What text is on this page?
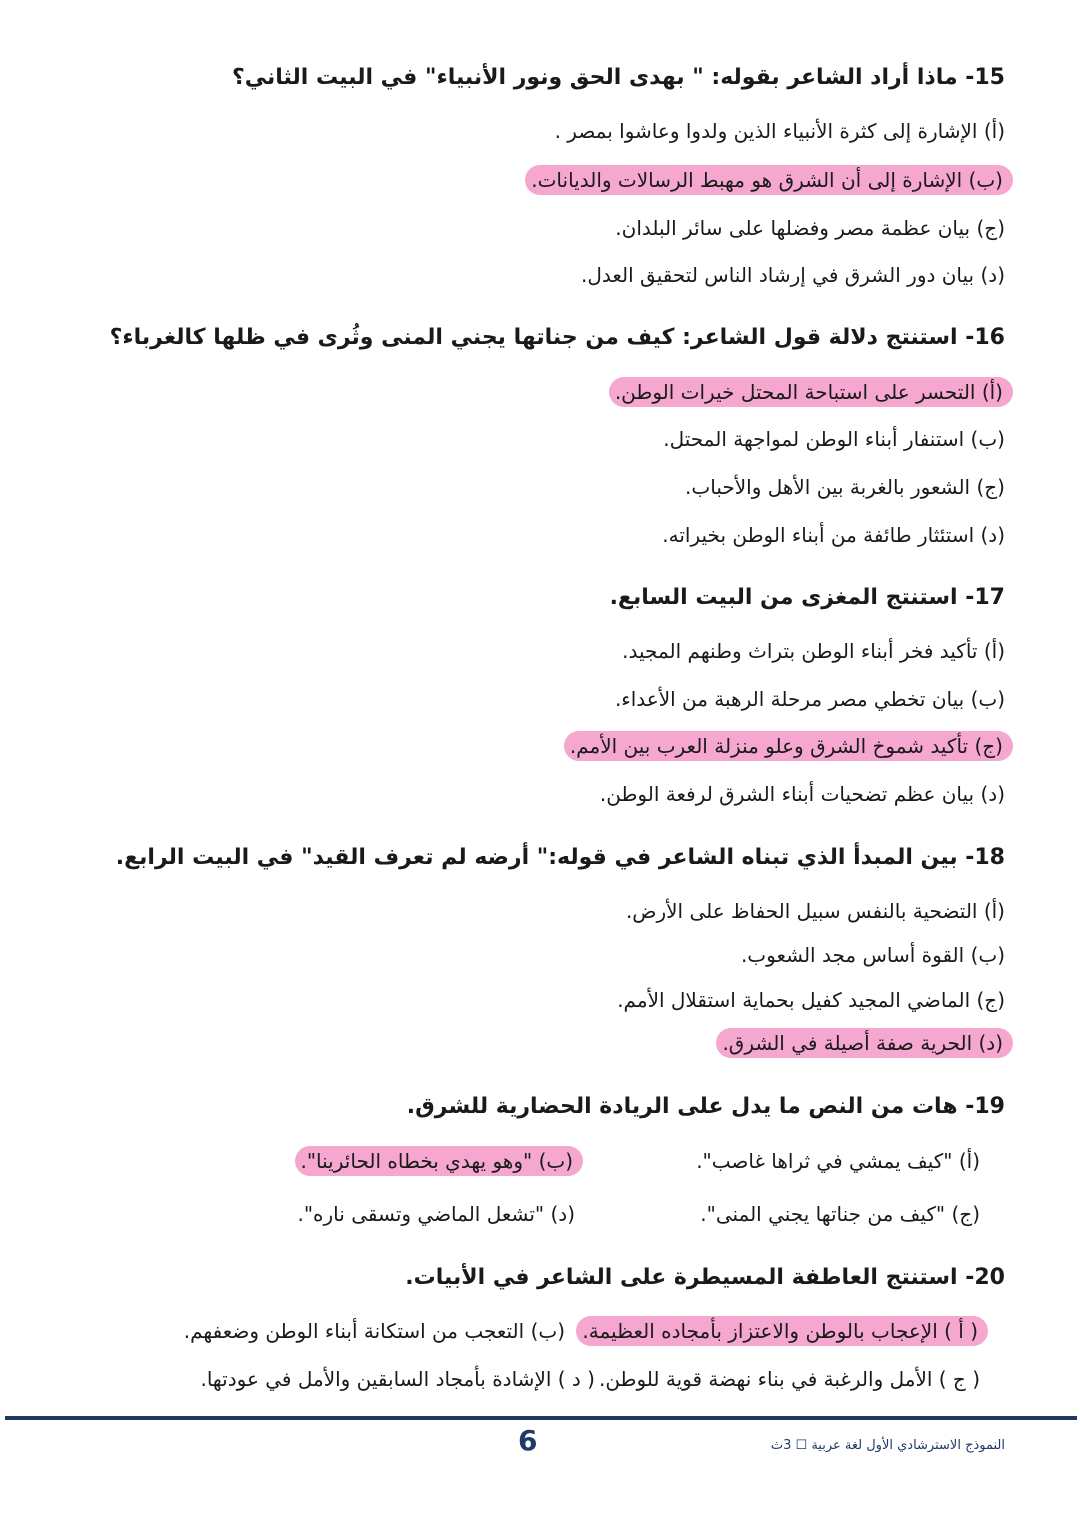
15- ماذا أراد الشاعر بقوله: " بهدى الحق ونور الأنبياء" في البيت الثاني؟
(أ) الإشارة إلى كثرة الأنبياء الذين ولدوا وعاشوا بمصر .
(ب) الإشارة إلى أن الشرق هو مهبط الرسالات والديانات.
(ج) بيان عظمة مصر وفضلها على سائر البلدان.
(د) بيان دور الشرق في إرشاد الناس لتحقيق العدل.
16- استنتج دلالة قول الشاعر: كيف من جناتها يجني المنى وثُرى في ظلها كالغرباء؟
(أ) التحسر على استباحة المحتل خيرات الوطن.
(ب) استنفار أبناء الوطن لمواجهة المحتل.
(ج) الشعور بالغربة بين الأهل والأحباب.
(د) استئثار طائفة من أبناء الوطن بخيراته.
17- استنتج المغزى من البيت السابع.
(أ) تأكيد فخر أبناء الوطن بتراث وطنهم المجيد.
(ب) بيان تخطي مصر مرحلة الرهبة من الأعداء.
(ج) تأكيد شموخ الشرق وعلو منزلة العرب بين الأمم.
(د) بيان عظم تضحيات أبناء الشرق لرفعة الوطن.
18- بين المبدأ الذي تبناه الشاعر في قوله:" أرضه لم تعرف القيد" في البيت الرابع.
(أ) التضحية بالنفس سبيل الحفاظ على الأرض.
(ب) القوة أساس مجد الشعوب.
(ج) الماضي المجيد كفيل بحماية استقلال الأمم.
(د) الحرية صفة أصيلة في الشرق.
19- هات من النص ما يدل على الريادة الحضارية للشرق.
(أ) "كيف يمشي في ثراها غاصب".
(ب) "وهو يهدي بخطاه الحائرينا".
(ج) "كيف من جناتها يجني المنى".
(د) "تشعل الماضي وتسقى ناره".
20- استنتج العاطفة المسيطرة على الشاعر في الأبيات.
( أ ) الإعجاب بالوطن والاعتزاز بأمجاده العظيمة.
(ب) التعجب من استكانة أبناء الوطن وضعفهم.
( ج ) الأمل والرغبة في بناء نهضة قوية للوطن.
( د ) الإشادة بأمجاد السابقين والأمل في عودتها.
6	النموذج الاسترشادي الأول لغة عربية ☐ 3ث
